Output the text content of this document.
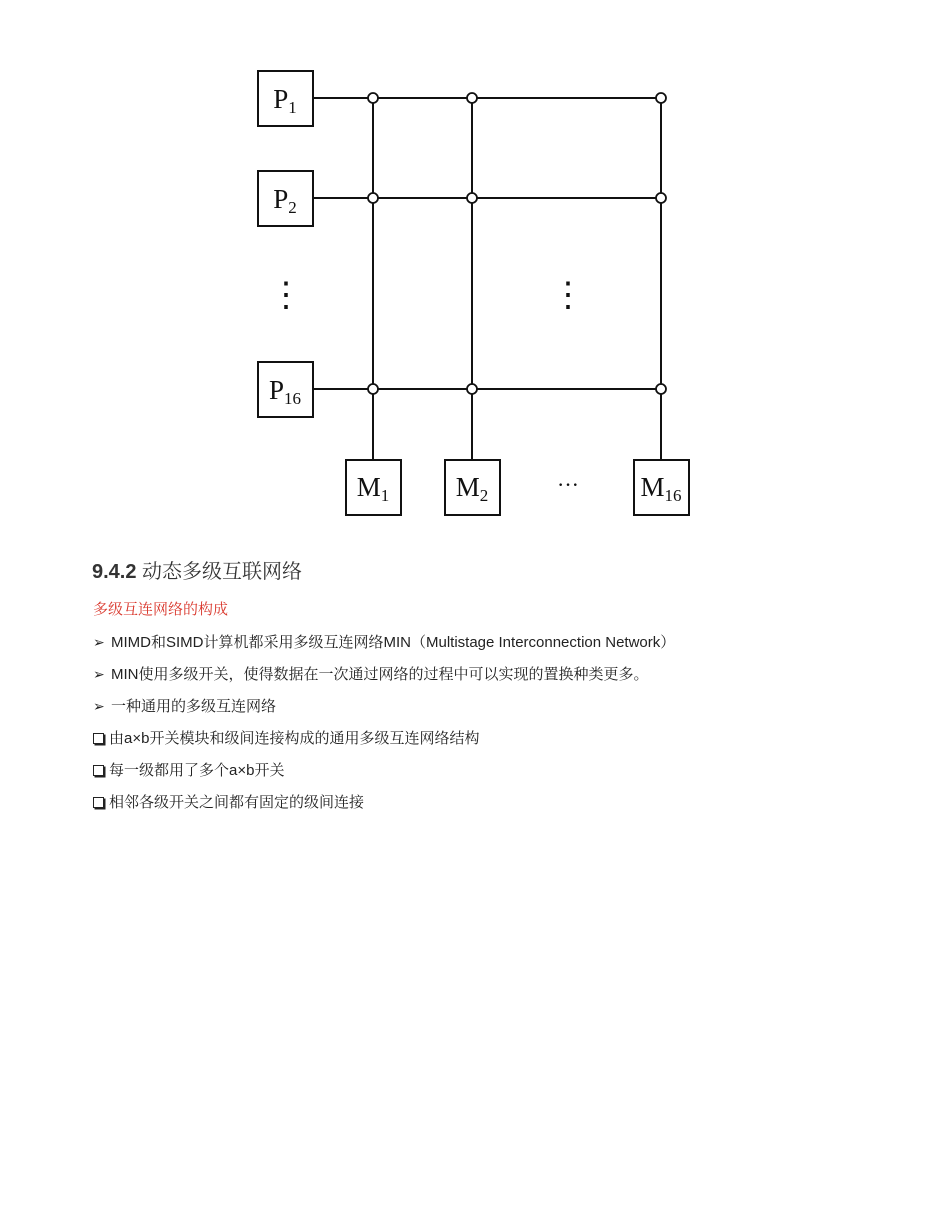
P1
P2
P16
M1 M2	M16
⋮	⋮
···
9.4.2 动态多级互联网络
多级互连网络的构成
➢ MIMD和SIMD计算机都采用多级互连网络MIN（Multistage Interconnection Network）
➢ MIN使用多级开关，使得数据在一次通过网络的过程中可以实现的置换种类更多。
➢ 一种通用的多级互连网络
由a×b开关模块和级间连接构成的通用多级互连网络结构
每一级都用了多个a×b开关
相邻各级开关之间都有固定的级间连接
